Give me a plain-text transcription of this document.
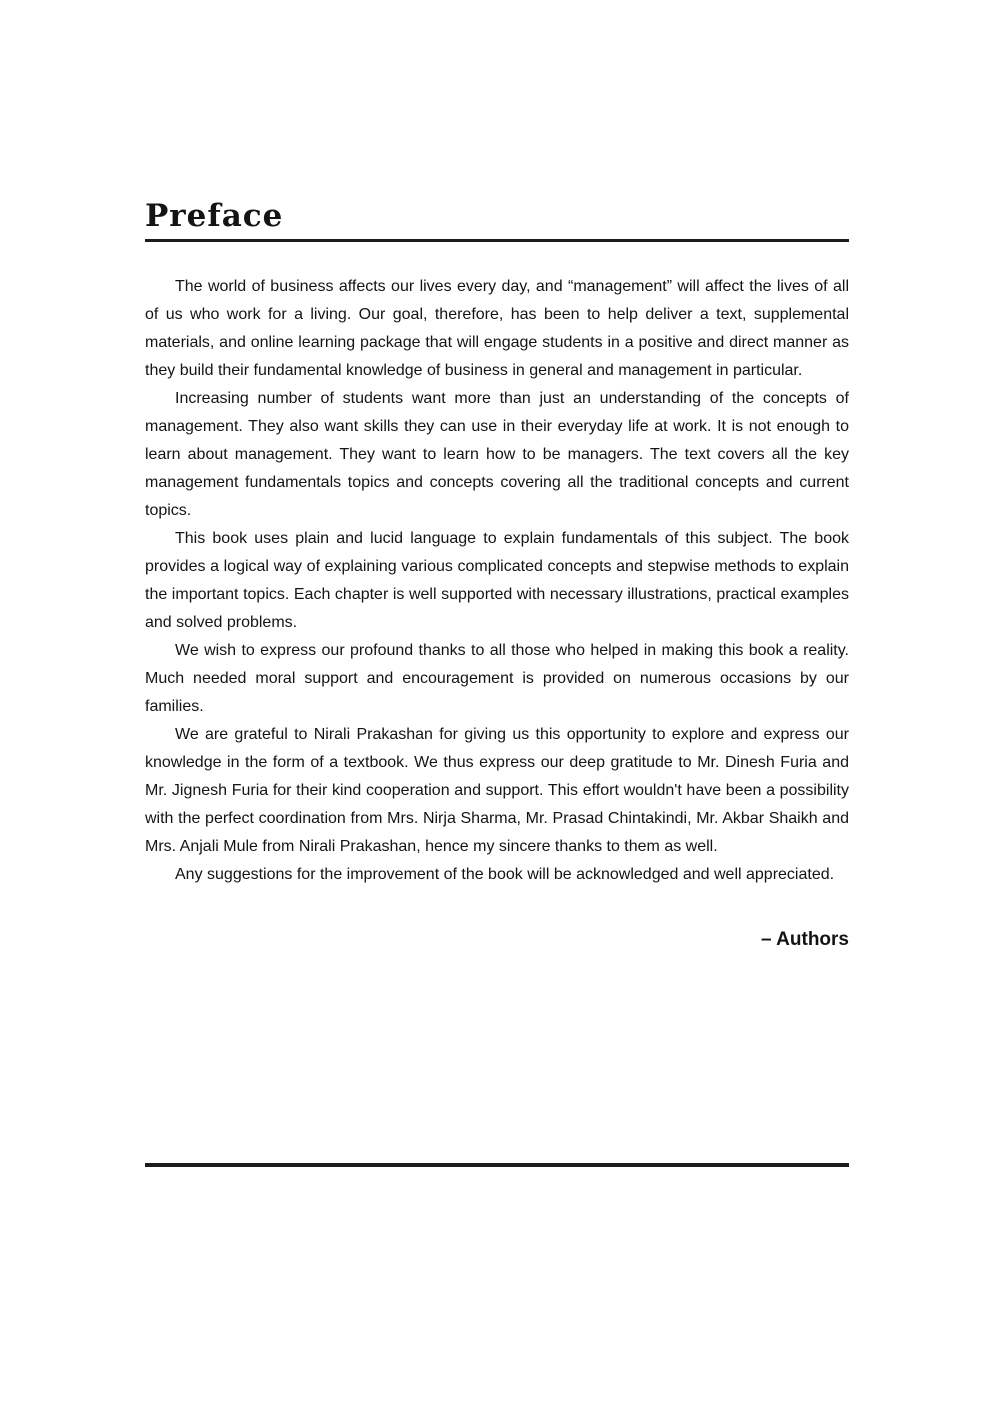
Preface

The world of business affects our lives every day, and “management” will affect the lives of all of us who work for a living. Our goal, therefore, has been to help deliver a text, supplemental materials, and online learning package that will engage students in a positive and direct manner as they build their fundamental knowledge of business in general and management in particular.

Increasing number of students want more than just an understanding of the concepts of management. They also want skills they can use in their everyday life at work. It is not enough to learn about management. They want to learn how to be managers. The text covers all the key management fundamentals topics and concepts covering all the traditional concepts and current topics.

This book uses plain and lucid language to explain fundamentals of this subject. The book provides a logical way of explaining various complicated concepts and stepwise methods to explain the important topics. Each chapter is well supported with necessary illustrations, practical examples and solved problems.

We wish to express our profound thanks to all those who helped in making this book a reality. Much needed moral support and encouragement is provided on numerous occasions by our families.

We are grateful to Nirali Prakashan for giving us this opportunity to explore and express our knowledge in the form of a textbook. We thus express our deep gratitude to Mr. Dinesh Furia and Mr. Jignesh Furia for their kind cooperation and support. This effort wouldn't have been a possibility with the perfect coordination from Mrs. Nirja Sharma, Mr. Prasad Chintakindi, Mr. Akbar Shaikh and Mrs. Anjali Mule from Nirali Prakashan, hence my sincere thanks to them as well.

Any suggestions for the improvement of the book will be acknowledged and well appreciated.

– Authors
